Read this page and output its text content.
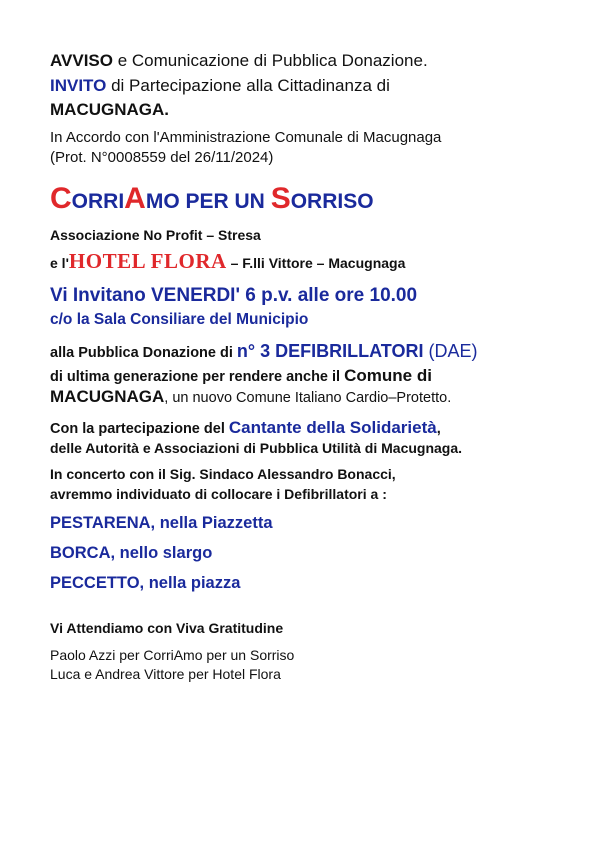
AVVISO e Comunicazione di Pubblica Donazione.
INVITO di Partecipazione alla Cittadinanza di
MACUGNAGA.
In Accordo con l'Amministrazione Comunale di Macugnaga
(Prot. N°0008559 del 26/11/2024)
CORRIAMO PER UN SORRISO
Associazione No Profit – Stresa
e l'HOTEL FLORA – F.lli Vittore – Macugnaga
Vi Invitano VENERDI' 6 p.v. alle ore 10.00
c/o la Sala Consiliare del Municipio
alla Pubblica Donazione di n° 3 DEFIBRILLATORI (DAE)
di ultima generazione per rendere anche il Comune di
MACUGNAGA, un nuovo Comune Italiano Cardio–Protetto.
Con la partecipazione del Cantante della Solidarietà,
delle Autorità e Associazioni di Pubblica Utilità di Macugnaga.
In concerto con il Sig. Sindaco Alessandro Bonacci,
avremmo individuato di collocare i Defibrillatori a :
PESTARENA, nella Piazzetta
BORCA, nello slargo
PECCETTO, nella piazza
Vi Attendiamo con Viva Gratitudine
Paolo Azzi per CorriAmo per un Sorriso
Luca e Andrea Vittore per Hotel Flora
